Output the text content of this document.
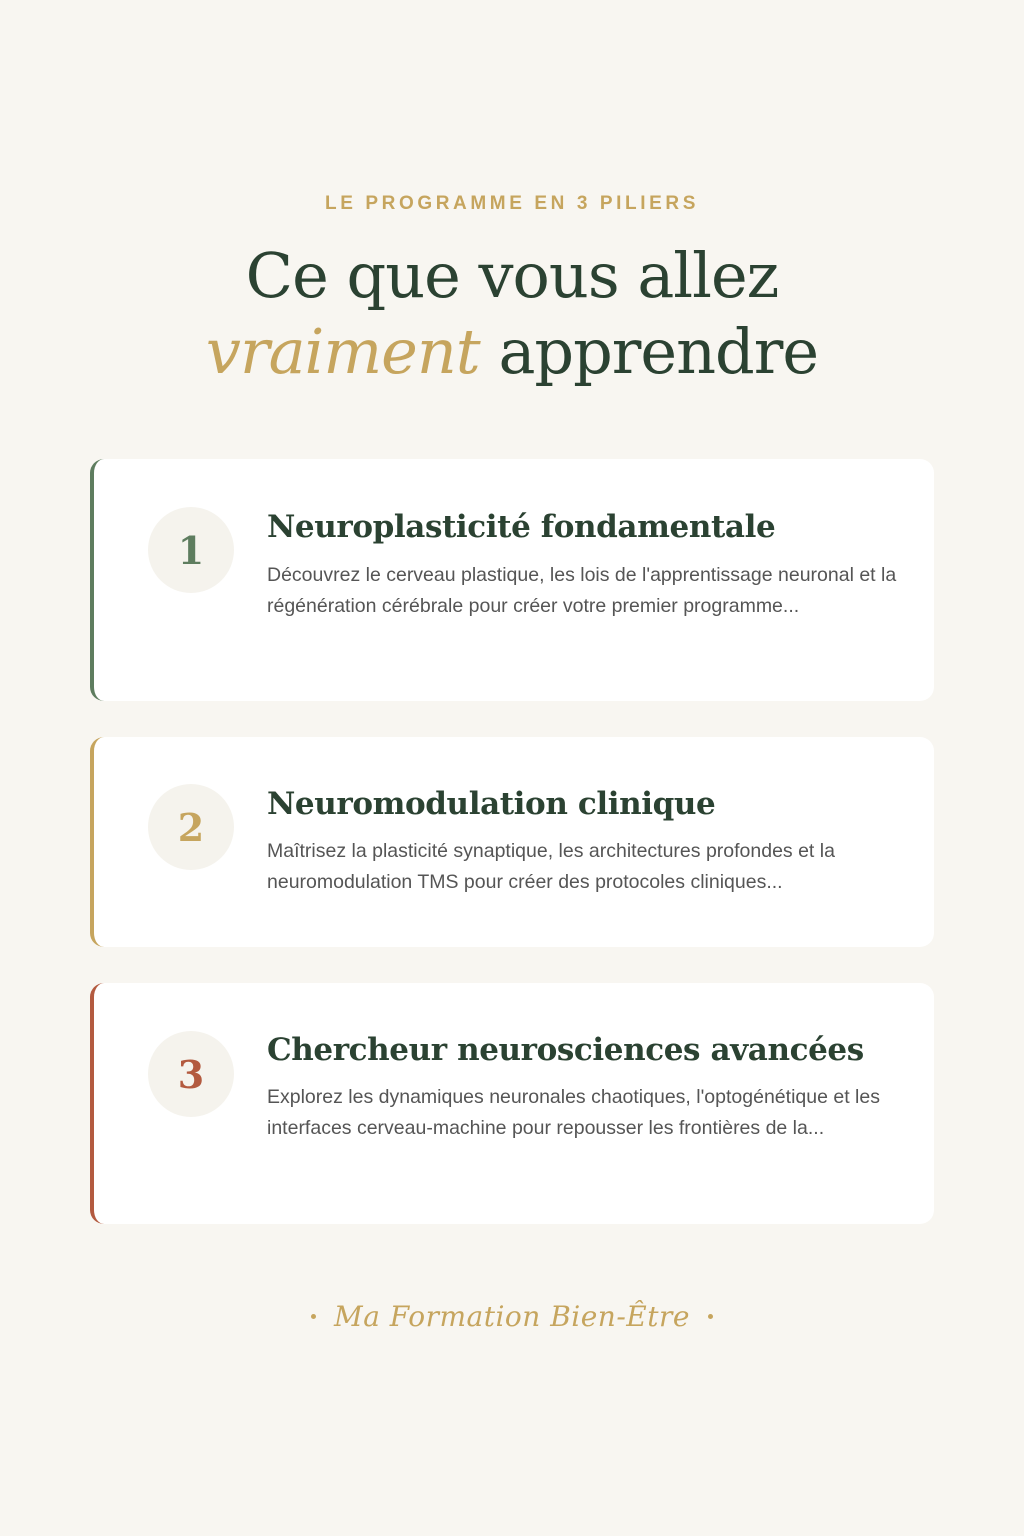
LE PROGRAMME EN 3 PILIERS
Ce que vous allez
vraiment apprendre
1
Neuroplasticité fondamentale

Découvrez le cerveau plastique, les lois de l'apprentissage neuronal et la régénération cérébrale pour créer votre premier programme...

2
Neuromodulation clinique

Maîtrisez la plasticité synaptique, les architectures profondes et la neuromodulation TMS pour créer des protocoles cliniques...

3
Chercheur neurosciences avancées

Explorez les dynamiques neuronales chaotiques, l'optogénétique et les interfaces cerveau-machine pour repousser les frontières de la...

Ma Formation Bien-Être
